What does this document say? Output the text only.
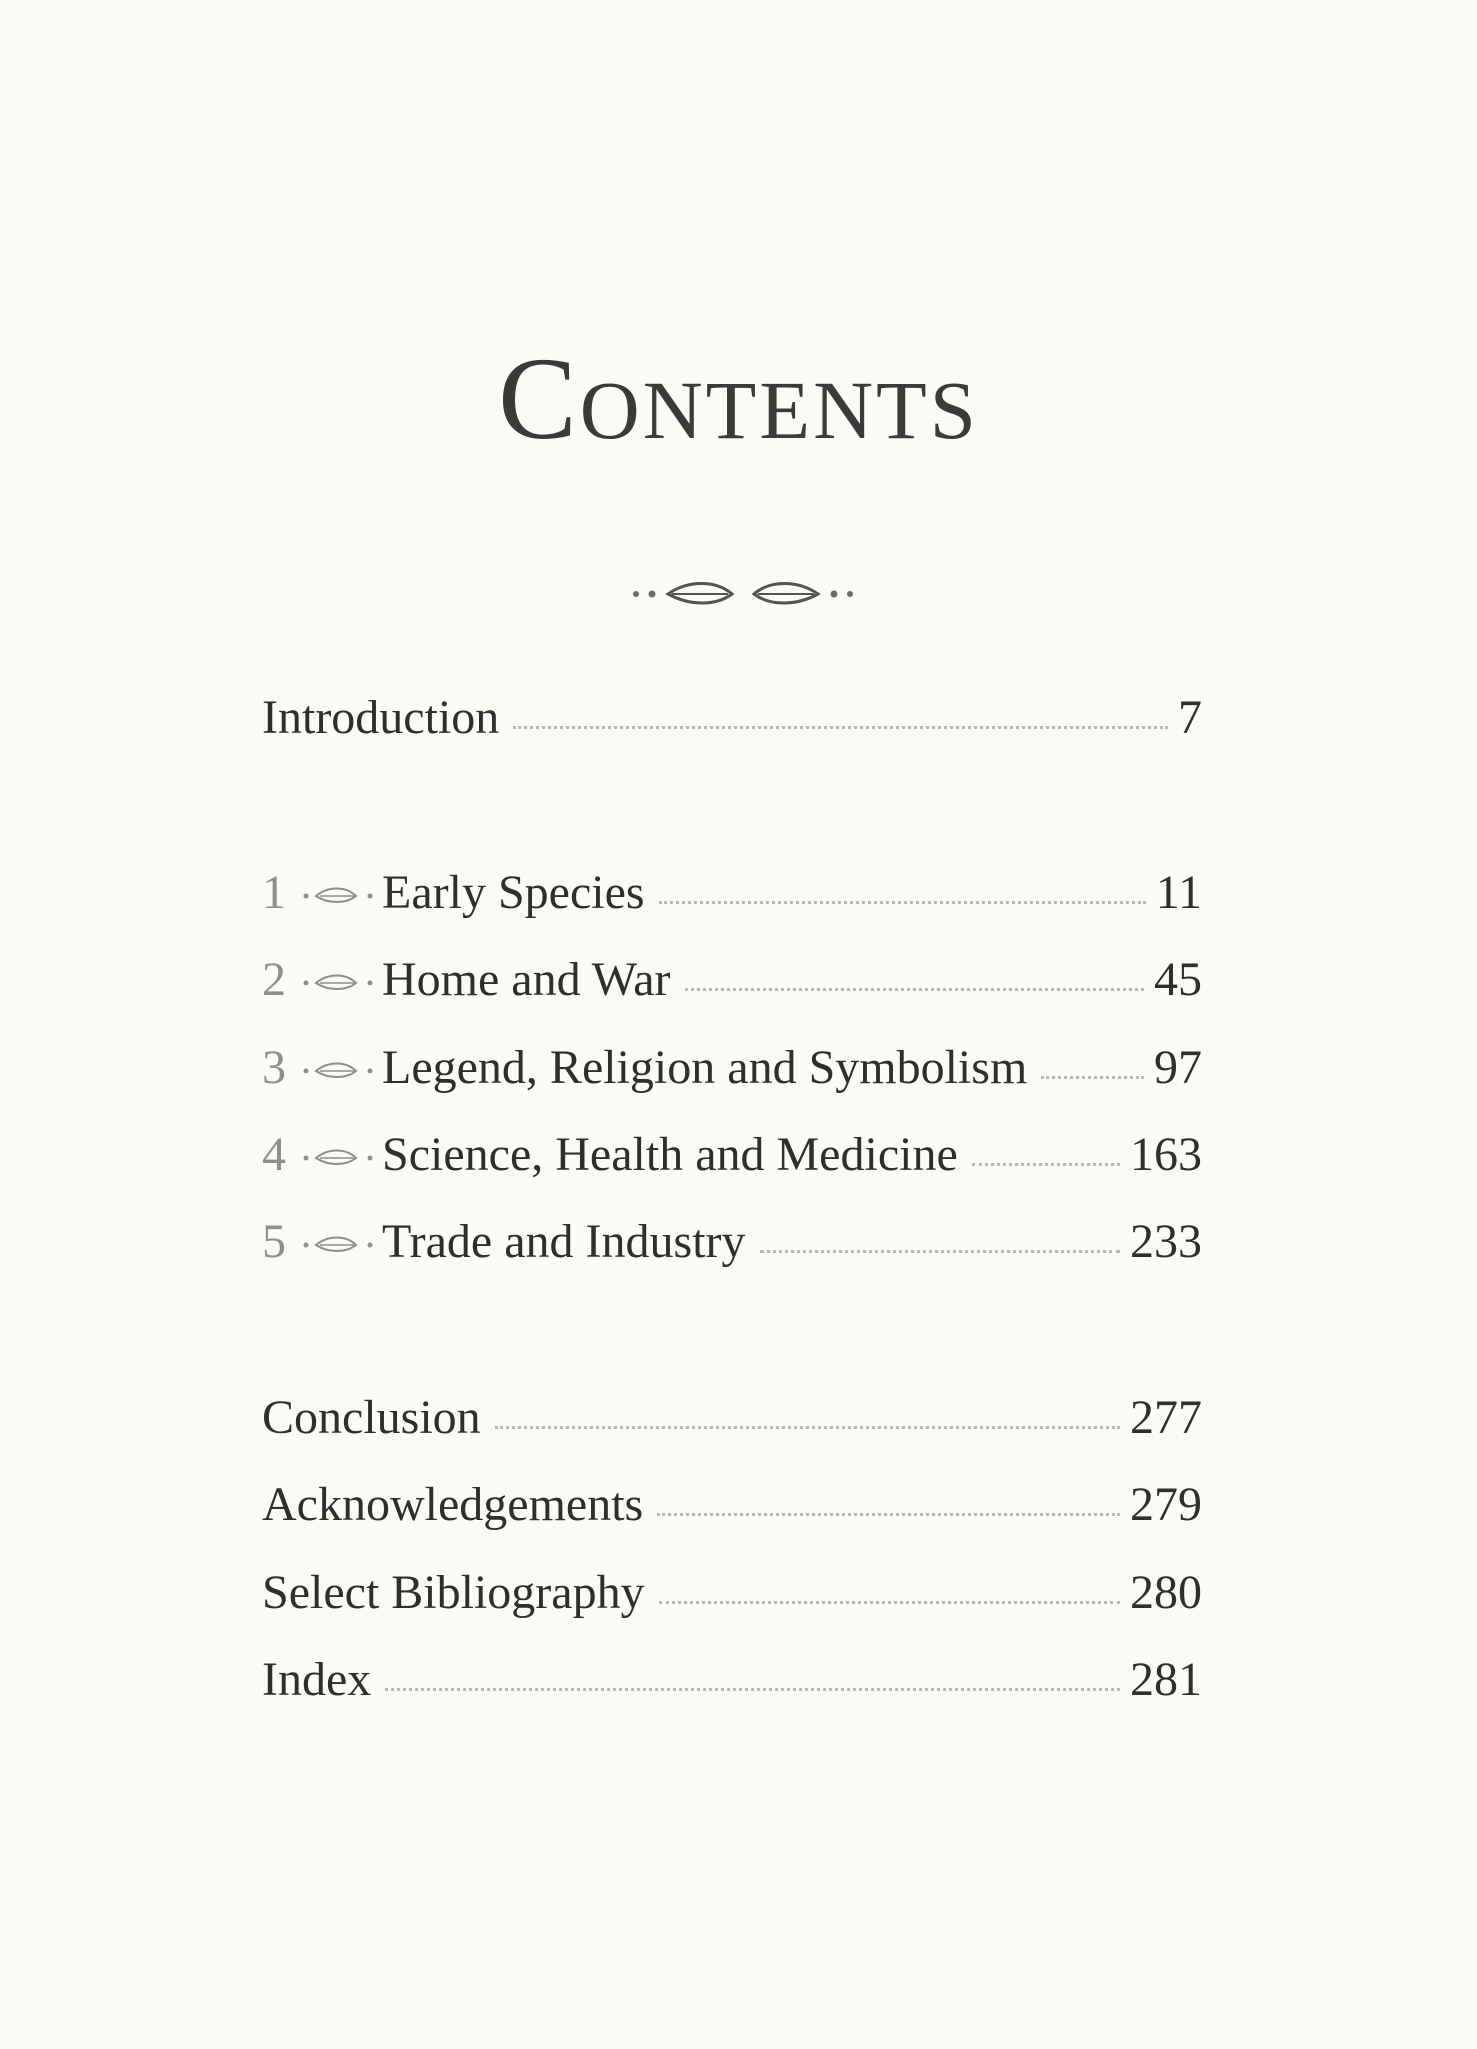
Contents
Introduction	7
1 Early Species	11
2 Home and War	45
3 Legend, Religion and Symbolism	97
4 Science, Health and Medicine	163
5 Trade and Industry	233
Conclusion	277
Acknowledgements	279
Select Bibliography	280
Index	281
